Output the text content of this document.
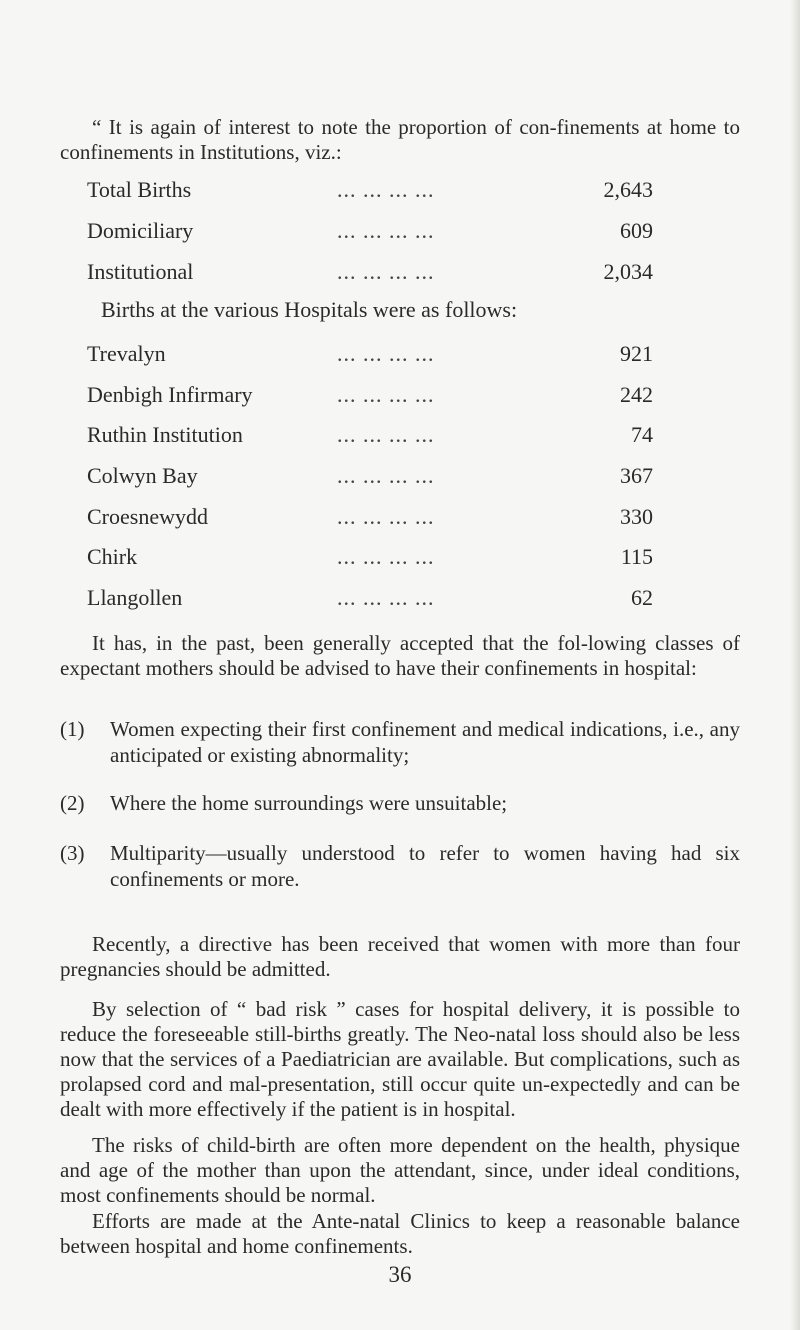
“ It is again of interest to note the proportion of con-finements at home to confinements in Institutions, viz.:

Total Births	... ... ... ...	2,643
Domiciliary	... ... ... ...	609
Institutional	... ... ... ...	2,034
Births at the various Hospitals were as follows:
Trevalyn	... ... ... ...	921
Denbigh Infirmary	... ... ... ...	242
Ruthin Institution	... ... ... ...	74
Colwyn Bay	... ... ... ...	367
Croesnewydd	... ... ... ...	330
Chirk	... ... ... ...	115
Llangollen	... ... ... ...	62

It has, in the past, been generally accepted that the fol-lowing classes of expectant mothers should be advised to have their confinements in hospital:

(1) Women expecting their first confinement and medical indications, i.e., any anticipated or existing abnormality;
(2) Where the home surroundings were unsuitable;
(3) Multiparity—usually understood to refer to women having had six confinements or more.

Recently, a directive has been received that women with more than four pregnancies should be admitted.

By selection of “ bad risk ” cases for hospital delivery, it is possible to reduce the foreseeable still-births greatly. The Neo-natal loss should also be less now that the services of a Paediatrician are available. But complications, such as prolapsed cord and mal-presentation, still occur quite un-expectedly and can be dealt with more effectively if the patient is in hospital.

The risks of child-birth are often more dependent on the health, physique and age of the mother than upon the attendant, since, under ideal conditions, most confinements should be normal.

Efforts are made at the Ante-natal Clinics to keep a reasonable balance between hospital and home confinements.

36
